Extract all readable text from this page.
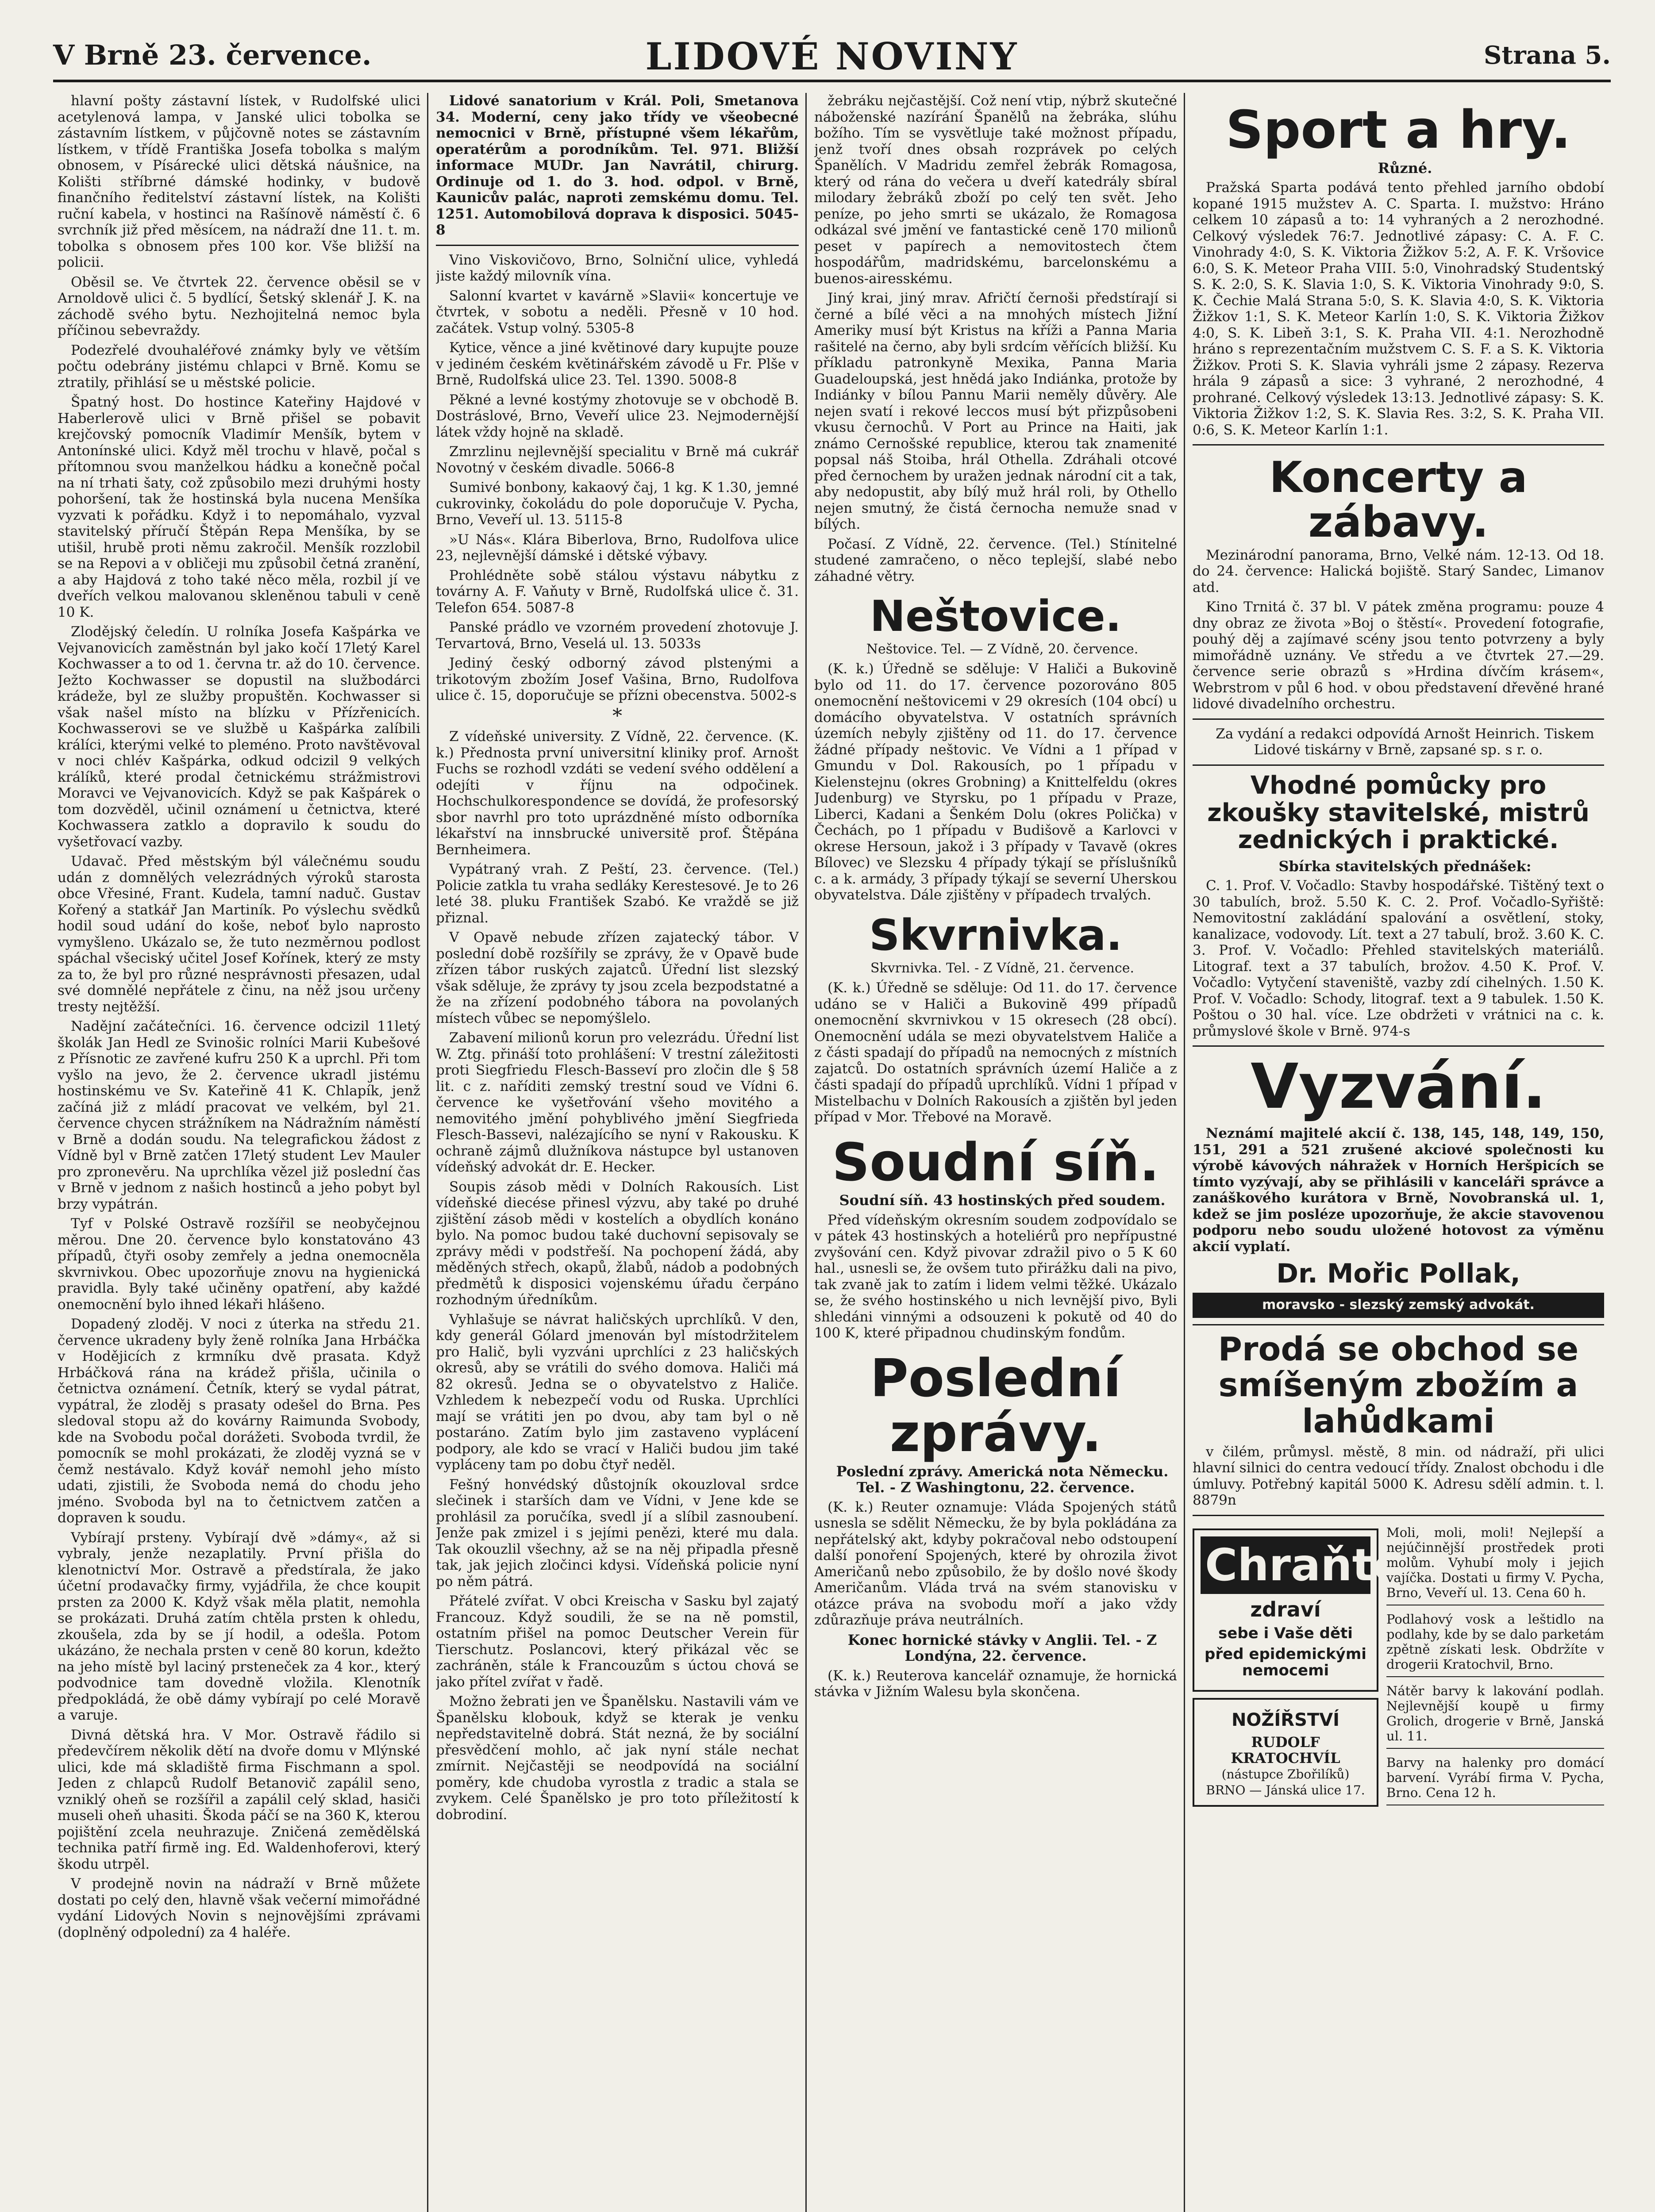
V Brně 23. července.	LIDOVÉ NOVINY	Strana 5.

hlavní pošty zástavní lístek, v Rudolfské ulici acetylenová lampa, v Janské ulici tobolka se zástavním lístkem, v půjčovně notes se zástavním lístkem, v třídě Františka Josefa tobolka s malým obnosem, v Písárecké ulici dětská náušnice, na Kolišti stříbrné dámské hodinky, v budově finančního ředitelství zástavní lístek, na Kolišti ruční kabela, v hostinci na Rašínově náměstí č. 6 svrchník již před měsícem, na nádraží dne 11. t. m. tobolka s obnosem přes 100 kor. Vše bližší na policii.

Oběsil se. Ve čtvrtek 22. července oběsil se v Arnoldově ulici č. 5 bydlící, Šetský sklenář J. K. na záchodě svého bytu. Nezhojitelná nemoc byla příčinou sebevraždy.

Podezřelé dvouhaléřové známky byly ve větším počtu odebrány jistému chlapci v Brně. Komu se ztratily, přihlásí se u městské policie.

Špatný host. Do hostince Kateřiny Hajdové v Haberlerově ulici v Brně přišel se pobavit krejčovský pomocník Vladimír Menšík, bytem v Antonínské ulici. Když měl trochu v hlavě, počal s přítomnou svou manželkou hádku a konečně počal na ní trhati šaty, což způsobilo mezi druhými hosty pohoršení, tak že hostinská byla nucena Menšíka vyzvati k pořádku. Když i to nepomáhalo, vyzval stavitelský příručí Štěpán Repa Menšíka, by se utišil, hrubě proti němu zakročil. Menšík rozzlobil se na Repovi a v obličeji mu způsobil četná zranění, a aby Hajdová z toho také něco měla, rozbil jí ve dveřích velkou malovanou skleněnou tabuli v ceně 10 K.

Zlodějský čeledín. U rolníka Josefa Kašpárka ve Vejvanovicích zaměstnán byl jako kočí 17letý Karel Kochwasser a to od 1. června tr. až do 10. července. Ježto Kochwasser se dopustil na službodárci krádeže, byl ze služby propuštěn. Kochwasser si však našel místo na blízku v Přízřenicích. Kochwasserovi se ve službě u Kašpárka zalíbili králíci, kterými velké to pleméno. Proto navštěvoval v noci chlév Kašpárka, odkud odcizil 9 velkých králíků, které prodal četnickému strážmistrovi Moravci ve Vejvanovicích. Když se pak Kašpárek o tom dozvěděl, učinil oznámení u četnictva, které Kochwassera zatklo a dopravilo k soudu do vyšetřovací vazby.

Udavač. Před městským býl válečnému soudu udán z domnělých velezrádných výroků starosta obce Vřesiné, Frant. Kudela, tamní naduč. Gustav Kořený a statkář Jan Martiník. Po výslechu svědků hodil soud udání do koše, neboť bylo naprosto vymyšleno. Ukázalo se, že tuto nezměrnou podlost spáchal všeciský učitel Josef Kořínek, který ze msty za to, že byl pro různé nesprávnosti přesazen, udal své domnělé nepřátele z činu, na něž jsou určeny tresty nejtěžší.

Nadějní začátečníci. 16. července odcizil 11letý školák Jan Hedl ze Svinošic rolníci Marii Kubešové z Přísnotic ze zavřené kufru 250 K a uprchl. Při tom vyšlo na jevo, že 2. července ukradl jistému hostinskému ve Sv. Kateřině 41 K. Chlapík, jenž začíná již z mládí pracovat ve velkém, byl 21. července chycen strážníkem na Nádražním náměstí v Brně a dodán soudu. Na telegrafickou žádost z Vídně byl v Brně zatčen 17letý student Lev Mauler pro zpronevěru. Na uprchlíka vězel již poslední čas v Brně v jednom z našich hostinců a jeho pobyt byl brzy vypátrán.

Tyf v Polské Ostravě rozšířil se neobyčejnou měrou. Dne 20. července bylo konstatováno 43 případů, čtyři osoby zemřely a jedna onemocněla skvrnivkou. Obec upozorňuje znovu na hygienická pravidla. Byly také učiněny opatření, aby každé onemocnění bylo ihned lékaři hlášeno.

Dopadený zloděj. V noci z úterka na středu 21. července ukradeny byly ženě rolníka Jana Hrbáčka v Hodějicích z krmníku dvě prasata. Když Hrbáčková rána na krádež přišla, učinila o četnictva oznámení. Četník, který se vydal pátrat, vypátral, že zloděj s prasaty odešel do Brna. Pes sledoval stopu až do kovárny Raimunda Svobody, kde na Svobodu počal dorážeti. Svoboda tvrdil, že pomocník se mohl prokázati, že zloděj vyzná se v čemž nestávalo. Když kovář nemohl jeho místo udati, zjistili, že Svoboda nemá do chodu jeho jméno. Svoboda byl na to četnictvem zatčen a dopraven k soudu.

Vybírají prsteny. Vybírají dvě »dámy«, až si vybraly, jenže nezaplatily. První přišla do klenotnictví Mor. Ostravě a předstírala, že jako účetní prodavačky firmy, vyjádřila, že chce koupit prsten za 2000 K. Když však měla platit, nemohla se prokázati. Druhá zatím chtěla prsten k ohledu, zkoušela, zda by se jí hodil, a odešla. Potom ukázáno, že nechala prsten v ceně 80 korun, kdežto na jeho místě byl laciný prsteneček za 4 kor., který podvodnice tam dovedně vložila. Klenotník předpokládá, že obě dámy vybírají po celé Moravě a varuje.

Divná dětská hra. V Mor. Ostravě řádilo si předevčírem několik dětí na dvoře domu v Mlýnské ulici, kde má skladiště firma Fischmann a spol. Jeden z chlapců Rudolf Betanovič zapálil seno, vzniklý oheň se rozšířil a zapálil celý sklad, hasiči museli oheň uhasiti. Škoda páčí se na 360 K, kterou pojištění zcela neuhrazuje. Zničená zemědělská technika patří firmě ing. Ed. Waldenhoferovi, který škodu utrpěl.

V prodejně novin na nádraží v Brně můžete dostati po celý den, hlavně však večerní mimořádné vydání Lidových Novin s nejnovějšími zprávami (doplněný odpolední) za 4 haléře.

Lidové sanatorium v Král. Poli, Smetanova 34. Moderní, ceny jako třídy ve všeobecné nemocnici v Brně, přístupné všem lékařům, operatérům a porodníkům. Tel. 971. Bližší informace MUDr. Jan Navrátil, chirurg. Ordinuje od 1. do 3. hod. odpol. v Brně, Kaunicův palác, naproti zemskému domu. Tel. 1251. Automobilová doprava k disposici. 5045-8

Vino Viskovičovo, Brno, Solniční ulice, vyhledá jiste každý milovník vína.

Salonní kvartet v kavárně »Slavii« koncertuje ve čtvrtek, v sobotu a neděli. Přesně v 10 hod. začátek. Vstup volný. 5305-8

Kytice, věnce a jiné květinové dary kupujte pouze v jediném českém květinářském závodě u Fr. Plše v Brně, Rudolfská ulice 23. Tel. 1390. 5008-8

Pěkné a levné kostýmy zhotovuje se v obchodě B. Dostráslové, Brno, Veveří ulice 23. Nejmodernější látek vždy hojně na skladě.

Zmrzlinu nejlevnější specialitu v Brně má cukrář Novotný v českém divadle. 5066-8

Sumivé bonbony, kakaový čaj, 1 kg. K 1.30, jemné cukrovinky, čokoládu do pole doporučuje V. Pycha, Brno, Veveří ul. 13. 5115-8

»U Nás«. Klára Biberlova, Brno, Rudolfova ulice 23, nejlevnější dámské i dětské výbavy.

Prohlédněte sobě stálou výstavu nábytku z továrny A. F. Vaňuty v Brně, Rudolfská ulice č. 31. Telefon 654. 5087-8

Panské prádlo ve vzorném provedení zhotovuje J. Tervartová, Brno, Veselá ul. 13. 5033s

Jediný český odborný závod plstenými a trikotovým zbožím Josef Vašina, Brno, Rudolfova ulice č. 15, doporučuje se přízni obecenstva. 5002-s

*

Z vídeňské university. Z Vídně, 22. července. (K. k.) Přednosta první universitní kliniky prof. Arnošt Fuchs se rozhodl vzdáti se vedení svého oddělení a odejíti v říjnu na odpočinek. Hochschulkorespondence se dovídá, že profesorský sbor navrhl pro toto uprázdněné místo odborníka lékařství na innsbrucké universitě prof. Štěpána Bernheimera.

Vypátraný vrah. Z Peští, 23. července. (Tel.) Policie zatkla tu vraha sedláky Kerestesové. Je to 26 leté 38. pluku František Szabó. Ke vraždě se již přiznal.

V Opavě nebude zřízen zajatecký tábor. V poslední době rozšířily se zprávy, že v Opavě bude zřízen tábor ruských zajatců. Úřední list slezský však sděluje, že zprávy ty jsou zcela bezpodstatné a že na zřízení podobného tábora na povolaných místech vůbec se nepomýšlelo.

Zabavení milionů korun pro velezrádu. Úřední list W. Ztg. přináší toto prohlášení: V trestní záležitosti proti Siegfriedu Flesch-Basseví pro zločin dle § 58 lit. c z. naříditi zemský trestní soud ve Vídni 6. července ke vyšetřování všeho movitého a nemovitého jmění pohyblivého jmění Siegfrieda Flesch-Bassevi, nalézajícího se nyní v Rakousku. K ochraně zájmů dlužníkova nástupce byl ustanoven vídeňský advokát dr. E. Hecker.

Soupis zásob mědi v Dolních Rakousích. List vídeňské diecése přinesl výzvu, aby také po druhé zjištění zásob mědi v kostelích a obydlích konáno bylo. Na pomoc budou také duchovní sepisovaly se zprávy mědi v podstřeší. Na pochopení žádá, aby měděných střech, okapů, žlabů, nádob a podobných předmětů k disposici vojenskému úřadu čerpáno rozhodným úředníkům.

Vyhlašuje se návrat haličských uprchlíků. V den, kdy generál Gólard jmenován byl místodržitelem pro Halič, byli vyzváni uprchlíci z 23 haličských okresů, aby se vrátili do svého domova. Haliči má 82 okresů. Jedna se o obyvatelstvo z Haliče. Vzhledem k nebezpečí vodu od Ruska. Uprchlíci mají se vrátiti jen po dvou, aby tam byl o ně postaráno. Zatím bylo jim zastaveno vyplácení podpory, ale kdo se vrací v Haliči budou jim také vypláceny tam po dobu čtyř neděl.

Fešný honvédský důstojník okouzloval srdce slečinek i starších dam ve Vídni, v Jene kde se prohlásil za poručíka, svedl jí a slíbil zasnoubení. Jenže pak zmizel i s jejími penězi, které mu dala. Tak okouzlil všechny, až se na něj připadla přesně tak, jak jejich zločinci kdysi. Vídeňská policie nyní po něm pátrá.

Přátelé zvířat. V obci Kreischa v Sasku byl zajatý Francouz. Když soudili, že se na ně pomstil, ostatním přišel na pomoc Deutscher Verein für Tierschutz. Poslancovi, který přikázal věc se zachráněn, stále k Francouzům s úctou chová se jako přítel zvířat v řadě.

Možno žebrati jen ve Španělsku. Nastavili vám ve Španělsku klobouk, když se kterak je venku nepředstavitelně dobrá. Stát nezná, že by sociální přesvědčení mohlo, ač jak nyní stále nechat zmírnit. Nejčastěji se neodpovídá na sociální poměry, kde chudoba vyrostla z tradic a stala se zvykem. Celé Španělsko je pro toto příležitostí k dobrodiní.

žebráku nejčastější. Což není vtip, nýbrž skutečné náboženské nazírání Španělů na žebráka, slúhu božího. Tím se vysvětluje také možnost případu, jenž tvoří dnes obsah rozprávek po celých Španělích. V Madridu zemřel žebrák Romagosa, který od rána do večera u dveří katedrály sbíral milodary žebráků zboží po celý ten svět. Jeho peníze, po jeho smrti se ukázalo, že Romagosa odkázal své jmění ve fantastické ceně 170 milionů peset v papírech a nemovitostech čtem hospodářům, madridskému, barcelonskému a buenos-airesskému.

Jiný krai, jiný mrav. Afričtí černoši předstírají si černé a bílé věci a na mnohých místech Jižní Ameriky musí být Kristus na kříži a Panna Maria rašitelé na černo, aby byli srdcím věřících bližší. Ku příkladu patronkyně Mexika, Panna Maria Guadeloupská, jest hnědá jako Indiánka, protože by Indiánky v bílou Pannu Marii neměly důvěry. Ale nejen svatí i rekové leccos musí být přizpůsobeni vkusu černochů. V Port au Prince na Haiti, jak známo Cernošské republice, kterou tak znamenité popsal náš Stoiba, hrál Othella. Zdráhali otcové před černochem by uražen jednak národní cit a tak, aby nedopustit, aby bílý muž hrál roli, by Othello nejen smutný, že čistá černocha nemuže snad v bílých.

Počasí. Z Vídně, 22. července. (Tel.) Stínitelné studené zamračeno, o něco teplejší, slabé nebo záhadné větry.

Neštovice.

Neštovice. Tel. — Z Vídně, 20. července.

(K. k.) Úředně se sděluje: V Haliči a Bukovině bylo od 11. do 17. července pozorováno 805 onemocnění neštovicemi v 29 okresích (104 obcí) u domácího obyvatelstva. V ostatních správních územích nebyly zjištěny od 11. do 17. července žádné případy neštovic. Ve Vídni a 1 případ v Gmundu v Dol. Rakousích, po 1 případu v Kielenstejnu (okres Grobning) a Knittelfeldu (okres Judenburg) ve Styrsku, po 1 případu v Praze, Liberci, Kadani a Šenkém Dolu (okres Polička) v Čechách, po 1 případu v Budišově a Karlovci v okrese Hersoun, jakož i 3 případy v Tavavě (okres Bílovec) ve Slezsku 4 případy týkají se příslušníků c. a k. armády, 3 případy týkají se severní Uherskou obyvatelstva. Dále zjištěny v případech trvalých.

Skvrnivka.

Skvrnivka. Tel. - Z Vídně, 21. července.

(K. k.) Úředně se sděluje: Od 11. do 17. července udáno se v Haliči a Bukovině 499 případů onemocnění skvrnivkou v 15 okresech (28 obcí). Onemocnění udála se mezi obyvatelstvem Haliče a z části spadají do případů na nemocných z místních zajatců. Do ostatních správních území Haliče a z části spadají do případů uprchlíků. Vídni 1 případ v Mistelbachu v Dolních Rakousích a zjištěn byl jeden případ v Mor. Třebové na Moravě.

Soudní síň.

Soudní síň. 43 hostinských před soudem.

Před vídeňským okresním soudem zodpovídalo se v pátek 43 hostinských a hoteliérů pro nepřípustné zvyšování cen. Když pivovar zdražil pivo o 5 K 60 hal., usnesli se, že ovšem tuto přirážku dali na pivo, tak zvaně jak to zatím i lidem velmi těžké. Ukázalo se, že svého hostinského u nich levnější pivo, Byli shledáni vinnými a odsouzeni k pokutě od 40 do 100 K, které připadnou chudinským fondům.

Poslední zprávy.

Poslední zprávy. Americká nota Německu. Tel. - Z Washingtonu, 22. července.

(K. k.) Reuter oznamuje: Vláda Spojených států usnesla se sdělit Německu, že by byla pokládána za nepřátelský akt, kdyby pokračoval nebo odstoupení další ponoření Spojených, které by ohrozila život Američanů nebo způsobilo, že by došlo nové škody Američanům. Vláda trvá na svém stanovisku v otázce práva na svobodu moří a jako vždy zdůrazňuje práva neutrálních.

Konec hornické stávky v Anglii. Tel. - Z Londýna, 22. července.

(K. k.) Reuterova kancelář oznamuje, že hornická stávka v Jižním Walesu byla skončena.

Sport a hry.

Různé.

Pražská Sparta podává tento přehled jarního období kopané 1915 mužstev A. C. Sparta. I. mužstvo: Hráno celkem 10 zápasů a to: 14 vyhraných a 2 nerozhodné. Celkový výsledek 76:7. Jednotlivé zápasy: C. A. F. C. Vinohrady 4:0, S. K. Viktoria Žižkov 5:2, A. F. K. Vršovice 6:0, S. K. Meteor Praha VIII. 5:0, Vinohradský Studentský S. K. 2:0, S. K. Slavia 1:0, S. K. Viktoria Vinohrady 9:0, S. K. Čechie Malá Strana 5:0, S. K. Slavia 4:0, S. K. Viktoria Žižkov 1:1, S. K. Meteor Karlín 1:0, S. K. Viktoria Žižkov 4:0, S. K. Libeň 3:1, S. K. Praha VII. 4:1. Nerozhodně hráno s reprezentačním mužstvem C. S. F. a S. K. Viktoria Žižkov. Proti S. K. Slavia vyhráli jsme 2 zápasy. Rezerva hrála 9 zápasů a sice: 3 vyhrané, 2 nerozhodné, 4 prohrané. Celkový výsledek 13:13. Jednotlivé zápasy: S. K. Viktoria Žižkov 1:2, S. K. Slavia Res. 3:2, S. K. Praha VII. 0:6, S. K. Meteor Karlín 1:1.

Koncerty a zábavy.

Mezinárodní panorama, Brno, Velké nám. 12-13. Od 18. do 24. července: Halická bojiště. Starý Sandec, Limanov atd.

Kino Trnitá č. 37 bl. V pátek změna programu: pouze 4 dny obraz ze života »Boj o štěstí«. Provedení fotografie, pouhý děj a zajímavé scény jsou tento potvrzeny a byly mimořádně uznány. Ve středu a ve čtvrtek 27.—29. července serie obrazů s »Hrdina dívčím krásem«, Webrstrom v půl 6 hod. v obou představení dřevěné hrané lidové divadelního orchestru.

Za vydání a redakci odpovídá Arnošt Heinrich. Tiskem Lidové tiskárny v Brně, zapsané sp. s r. o.

Vhodné pomůcky pro zkoušky stavitelské, mistrů zednických i praktické.

Sbírka stavitelských přednášek:

C. 1. Prof. V. Vočadlo: Stavby hospodářské. Tištěný text o 30 tabulích, brož. 5.50 K. C. 2. Prof. Vočadlo-Syřiště: Nemovitostní zakládání spalování a osvětlení, stoky, kanalizace, vodovody. Lít. text a 27 tabulí, brož. 3.60 K. C. 3. Prof. V. Vočadlo: Přehled stavitelských materiálů. Litograf. text a 37 tabulích, brožov. 4.50 K. Prof. V. Vočadlo: Vytyčení staveniště, vazby zdí cihelných. 1.50 K. Prof. V. Vočadlo: Schody, litograf. text a 9 tabulek. 1.50 K. Poštou o 30 hal. více. Lze obdržeti v vrátnici na c. k. průmyslové škole v Brně. 974-s

Vyzvání.

Neznámí majitelé akcií č. 138, 145, 148, 149, 150, 151, 291 a 521 zrušené akciové společnosti ku výrobě kávových náhražek v Horních Heršpicích se tímto vyzývají, aby se přihlásili v kanceláři správce a zanáškového kurátora v Brně, Novobranská ul. 1, kdež se jim posléze upozorňuje, že akcie stavovenou podporu nebo soudu uložené hotovost za výměnu akcií vyplatí.

Dr. Mořic Pollak,
moravsko - slezský zemský advokát.
Prodá se obchod se smíšeným zbožím a lahůdkami

v čilém, průmysl. městě, 8 min. od nádraží, při ulici hlavní silnici do centra vedoucí třídy. Znalost obchodu i dle úmluvy. Potřebný kapitál 5000 K. Adresu sdělí admin. t. l. 8879n

Chraňte
zdraví
sebe i Vaše děti
před epidemickými nemocemi
NOŽÍŘSTVÍ
RUDOLF KRATOCHVÍL
(nástupce Zbořilíků) BRNO — Jánská ulice 17.
Moli, moli, moli! Nejlepší a nejúčinnější prostředek proti molům. Vyhubí moly i jejich vajíčka. Dostati u firmy V. Pycha, Brno, Veveří ul. 13. Cena 60 h.
Podlahový vosk a leštidlo na podlahy, kde by se dalo parketám zpětně získati lesk. Obdržíte v drogerii Kratochvil, Brno.
Nátěr barvy k lakování podlah. Nejlevnější koupě u firmy Grolich, drogerie v Brně, Janská ul. 11.
Barvy na halenky pro domácí barvení. Vyrábí firma V. Pycha, Brno. Cena 12 h.
